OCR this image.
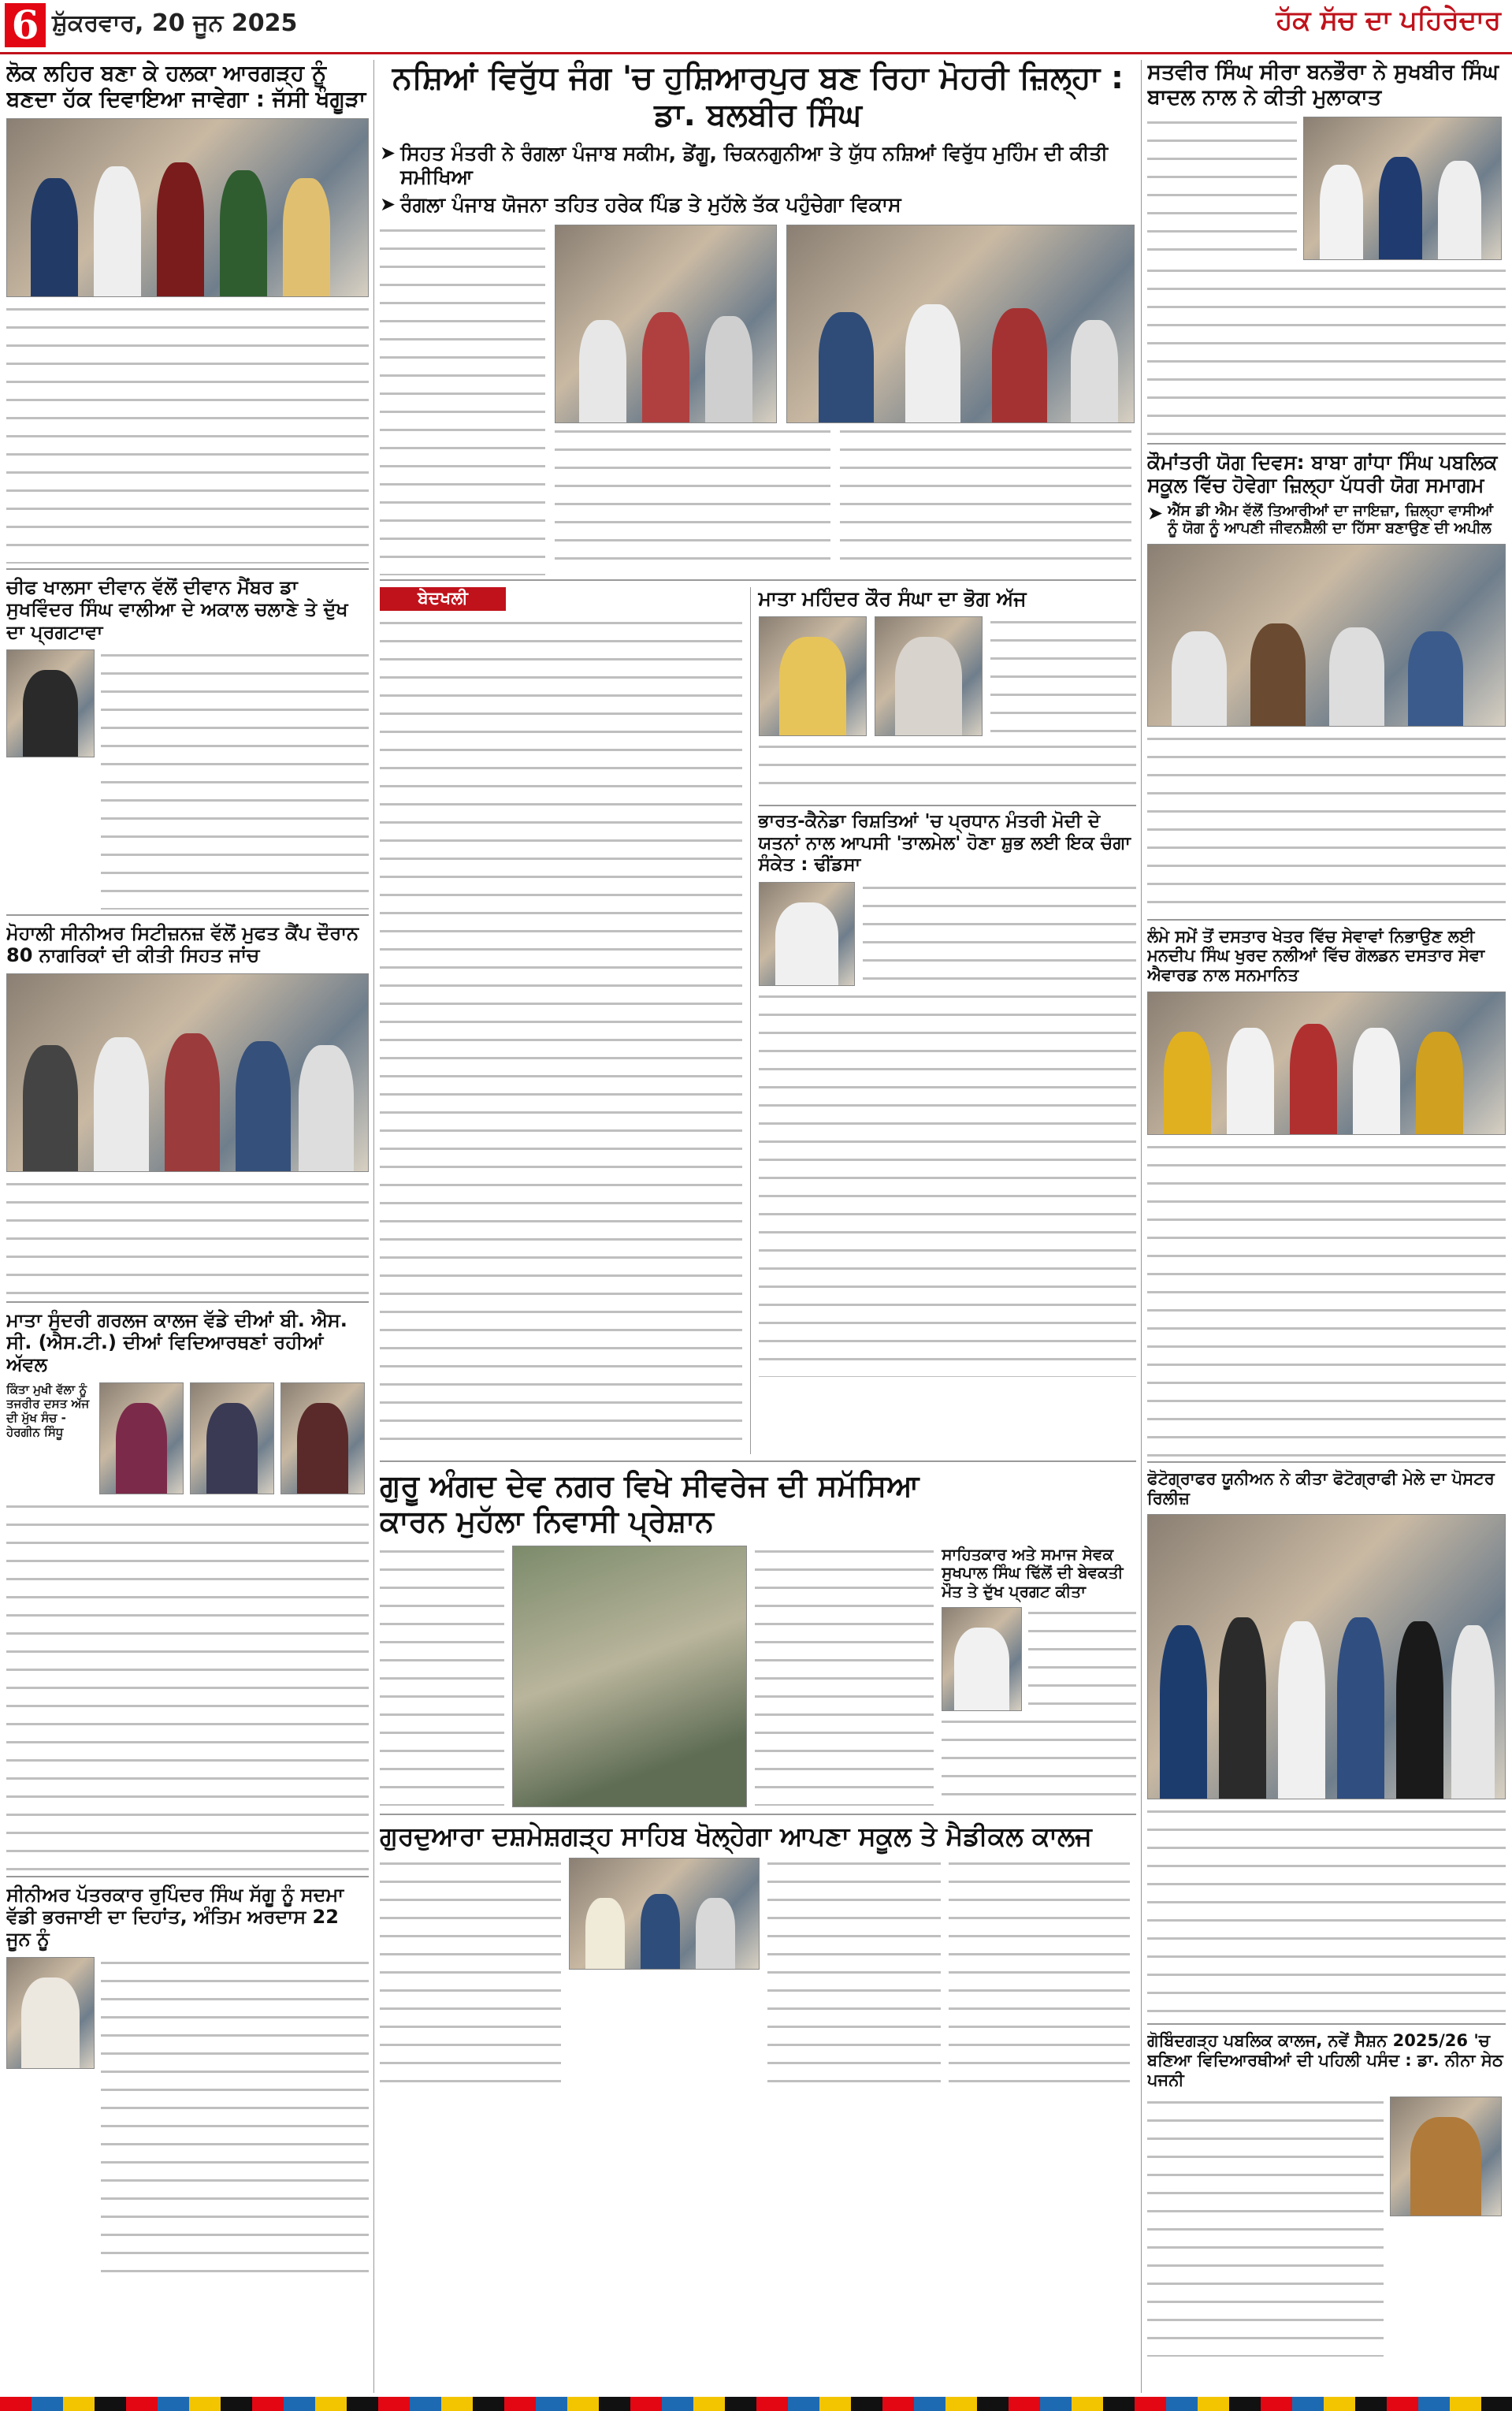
6 ਸ਼ੁੱਕਰਵਾਰ, 20 ਜੂਨ 2025	ਹੱਕ ਸੱਚ ਦਾ ਪਹਿਰੇਦਾਰ
ਲੋਕ ਲਹਿਰ ਬਣਾ ਕੇ ਹਲਕਾ ਆਰਗੜ੍ਹ ਨੂੰ ਬਣਦਾ ਹੱਕ ਦਿਵਾਇਆ ਜਾਵੇਗਾ : ਜੱਸੀ ਖੰਗੂੜਾ
ਚੀਫ ਖਾਲਸਾ ਦੀਵਾਨ ਵੱਲੋਂ ਦੀਵਾਨ ਮੈਂਬਰ ਡਾ ਸੁਖਵਿੰਦਰ ਸਿੰਘ ਵਾਲੀਆ ਦੇ ਅਕਾਲ ਚਲਾਣੇ ਤੇ ਦੁੱਖ ਦਾ ਪ੍ਰਗਟਾਵਾ
ਮੋਹਾਲੀ ਸੀਨੀਅਰ ਸਿਟੀਜ਼ਨਜ਼ ਵੱਲੋਂ ਮੁਫਤ ਕੈਂਪ ਦੌਰਾਨ 80 ਨਾਗਰਿਕਾਂ ਦੀ ਕੀਤੀ ਸਿਹਤ ਜਾਂਚ
ਮਾਤਾ ਸੁੰਦਰੀ ਗਰਲਜ ਕਾਲਜ ਵੱਡੇ ਦੀਆਂ ਬੀ. ਐਸ. ਸੀ. (ਐਸ.ਟੀ.) ਦੀਆਂ ਵਿਦਿਆਰਥਣਾਂ ਰਹੀਆਂ ਅੱਵਲ
ਕਿੰਤਾ ਮੁਖੀ ਵੱਲਾ ਨੂੰ ਤਜਰੀਰ ਦਸਤ ਅੱਜ ਦੀ ਮੁੱਖ ਸੰਚ - ਹੇਰਗੀਨ ਸਿੰਧੂ
ਸੀਨੀਅਰ ਪੱਤਰਕਾਰ ਰੁਪਿੰਦਰ ਸਿੰਘ ਸੱਗੂ ਨੂੰ ਸਦਮਾ ਵੱਡੀ ਭਰਜਾਈ ਦਾ ਦਿਹਾਂਤ, ਅੰਤਿਮ ਅਰਦਾਸ 22 ਜੂਨ ਨੂੰ
ਨਸ਼ਿਆਂ ਵਿਰੁੱਧ ਜੰਗ 'ਚ ਹੁਸ਼ਿਆਰਪੁਰ ਬਣ ਰਿਹਾ ਮੋਹਰੀ ਜ਼ਿਲ੍ਹਾ : ਡਾ. ਬਲਬੀਰ ਸਿੰਘ
➤ ਸਿਹਤ ਮੰਤਰੀ ਨੇ ਰੰਗਲਾ ਪੰਜਾਬ ਸਕੀਮ, ਡੇਂਗੂ, ਚਿਕਨਗੁਨੀਆ ਤੇ ਯੁੱਧ ਨਸ਼ਿਆਂ ਵਿਰੁੱਧ ਮੁਹਿੰਮ ਦੀ ਕੀਤੀ ਸਮੀਖਿਆ
➤ ਰੰਗਲਾ ਪੰਜਾਬ ਯੋਜਨਾ ਤਹਿਤ ਹਰੇਕ ਪਿੰਡ ਤੇ ਮੁਹੱਲੇ ਤੱਕ ਪਹੁੰਚੇਗਾ ਵਿਕਾਸ
ਬੇਦਖਲੀ	ਮਾਤਾ ਮਹਿੰਦਰ ਕੌਰ ਸੰਘਾ ਦਾ ਭੋਗ ਅੱਜ
ਭਾਰਤ-ਕੈਨੇਡਾ ਰਿਸ਼ਤਿਆਂ 'ਚ ਪ੍ਰਧਾਨ ਮੰਤਰੀ ਮੋਦੀ ਦੇ ਯਤਨਾਂ ਨਾਲ ਆਪਸੀ 'ਤਾਲਮੇਲ' ਹੋਣਾ ਸ਼ੁਭ ਲਈ ਇਕ ਚੰਗਾ ਸੰਕੇਤ : ਢੀਂਡਸਾ
ਗੁਰੂ ਅੰਗਦ ਦੇਵ ਨਗਰ ਵਿਖੇ ਸੀਵਰੇਜ ਦੀ ਸਮੱਸਿਆ ਕਾਰਨ ਮੁਹੱਲਾ ਨਿਵਾਸੀ ਪ੍ਰੇਸ਼ਾਨ
ਸਾਹਿਤਕਾਰ ਅਤੇ ਸਮਾਜ ਸੇਵਕ ਸੁਖਪਾਲ ਸਿੰਘ ਢਿੱਲੋਂ ਦੀ ਬੇਵਕਤੀ ਮੌਤ ਤੇ ਦੁੱਖ ਪ੍ਰਗਟ ਕੀਤਾ
ਗੁਰਦੁਆਰਾ ਦਸ਼ਮੇਸ਼ਗੜ੍ਹ ਸਾਹਿਬ ਖੋਲ੍ਹੇਗਾ ਆਪਣਾ ਸਕੂਲ ਤੇ ਮੈਡੀਕਲ ਕਾਲਜ
ਸਤਵੀਰ ਸਿੰਘ ਸੀਰਾ ਬਨਭੌਰਾ ਨੇ ਸੁਖਬੀਰ ਸਿੰਘ ਬਾਦਲ ਨਾਲ ਨੇ ਕੀਤੀ ਮੁਲਾਕਾਤ
ਕੌਮਾਂਤਰੀ ਯੋਗ ਦਿਵਸ: ਬਾਬਾ ਗਾਂਧਾ ਸਿੰਘ ਪਬਲਿਕ ਸਕੂਲ ਵਿੱਚ ਹੋਵੇਗਾ ਜ਼ਿਲ੍ਹਾ ਪੱਧਰੀ ਯੋਗ ਸਮਾਗਮ
➤ ਐੱਸ ਡੀ ਐਮ ਵੱਲੋਂ ਤਿਆਰੀਆਂ ਦਾ ਜਾਇਜ਼ਾ, ਜ਼ਿਲ੍ਹਾ ਵਾਸੀਆਂ ਨੂੰ ਯੋਗ ਨੂੰ ਆਪਣੀ ਜੀਵਨਸ਼ੈਲੀ ਦਾ ਹਿੱਸਾ ਬਣਾਉਣ ਦੀ ਅਪੀਲ
ਲੰਮੇ ਸਮੇਂ ਤੋਂ ਦਸਤਾਰ ਖੇਤਰ ਵਿੱਚ ਸੇਵਾਵਾਂ ਨਿਭਾਉਣ ਲਈ ਮਨਦੀਪ ਸਿੰਘ ਖੁਰਦ ਨਲੀਆਂ ਵਿੱਚ ਗੋਲਡਨ ਦਸਤਾਰ ਸੇਵਾ ਐਵਾਰਡ ਨਾਲ ਸਨਮਾਨਿਤ
ਫੋਟੋਗ੍ਰਾਫਰ ਯੂਨੀਅਨ ਨੇ ਕੀਤਾ ਫੋਟੋਗ੍ਰਾਫੀ ਮੇਲੇ ਦਾ ਪੋਸਟਰ ਰਿਲੀਜ਼
ਗੋਬਿੰਦਗੜ੍ਹ ਪਬਲਿਕ ਕਾਲਜ, ਨਵੇਂ ਸੈਸ਼ਨ 2025/26 'ਚ ਬਣਿਆ ਵਿਦਿਆਰਥੀਆਂ ਦੀ ਪਹਿਲੀ ਪਸੰਦ : ਡਾ. ਨੀਨਾ ਸੇਠ ਪਜਨੀ
